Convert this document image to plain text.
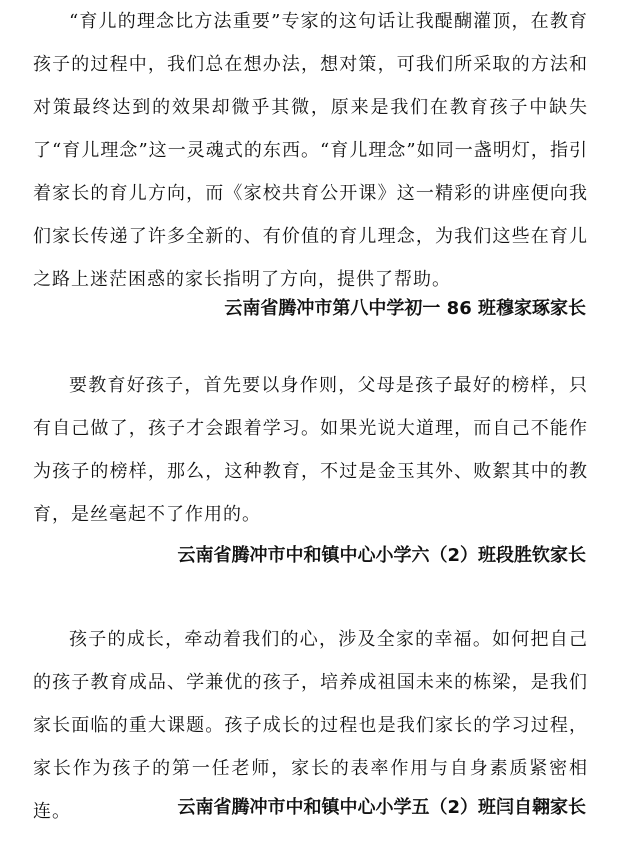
“育儿的理念比方法重要”专家的这句话让我醍醐灌顶，在教育孩子的过程中，我们总在想办法，想对策，可我们所采取的方法和对策最终达到的效果却微乎其微，原来是我们在教育孩子中缺失了“育儿理念”这一灵魂式的东西。“育儿理念”如同一盏明灯，指引着家长的育儿方向，而《家校共育公开课》这一精彩的讲座便向我们家长传递了许多全新的、有价值的育儿理念，为我们这些在育儿之路上迷茫困惑的家长指明了方向，提供了帮助。

云南省腾冲市第八中学初一 86 班穆家琢家长

要教育好孩子，首先要以身作则，父母是孩子最好的榜样，只有自己做了，孩子才会跟着学习。如果光说大道理，而自己不能作为孩子的榜样，那么，这种教育，不过是金玉其外、败絮其中的教育，是丝毫起不了作用的。

云南省腾冲市中和镇中心小学六（2）班段胜钦家长

孩子的成长，牵动着我们的心，涉及全家的幸福。如何把自己的孩子教育成品、学兼优的孩子，培养成祖国未来的栋梁，是我们家长面临的重大课题。孩子成长的过程也是我们家长的学习过程，家长作为孩子的第一任老师，家长的表率作用与自身素质紧密相连。	云南省腾冲市中和镇中心小学五（2）班闫自翱家长
